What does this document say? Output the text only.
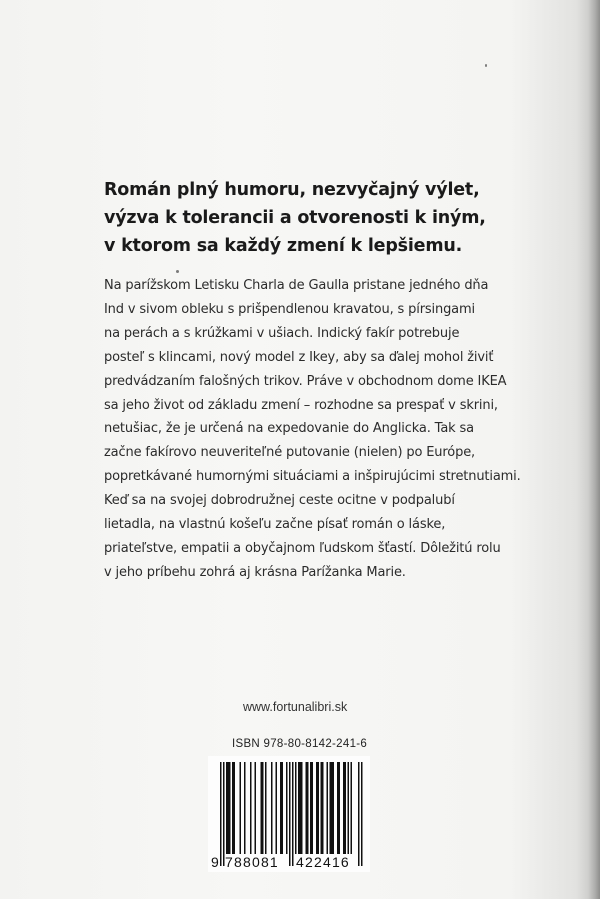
Román plný humoru, nezvyčajný výlet,
výzva k tolerancii a otvorenosti k iným,
v ktorom sa každý zmení k lepšiemu.

Na parížskom Letisku Charla de Gaulla pristane jedného dňa
Ind v sivom obleku s prišpendlenou kravatou, s pírsingami
na perách a s krúžkami v ušiach. Indický fakír potrebuje
posteľ s klincami, nový model z Ikey, aby sa ďalej mohol živiť
predvádzaním falošných trikov. Práve v obchodnom dome IKEA
sa jeho život od základu zmení – rozhodne sa prespať v skrini,
netušiac, že je určená na expedovanie do Anglicka. Tak sa
začne fakírovo neuveriteľné putovanie (nielen) po Európe,
popretkávané humornými situáciami a inšpirujúcimi stretnutiami.
Keď sa na svojej dobrodružnej ceste ocitne v podpalubí
lietadla, na vlastnú košeľu začne písať román o láske,
priateľstve, empatii a obyčajnom ľudskom šťastí. Dôležitú rolu
v jeho príbehu zohrá aj krásna Parížanka Marie.

www.fortunalibri.sk
ISBN 978-80-8142-241-6
9 788081 422416
